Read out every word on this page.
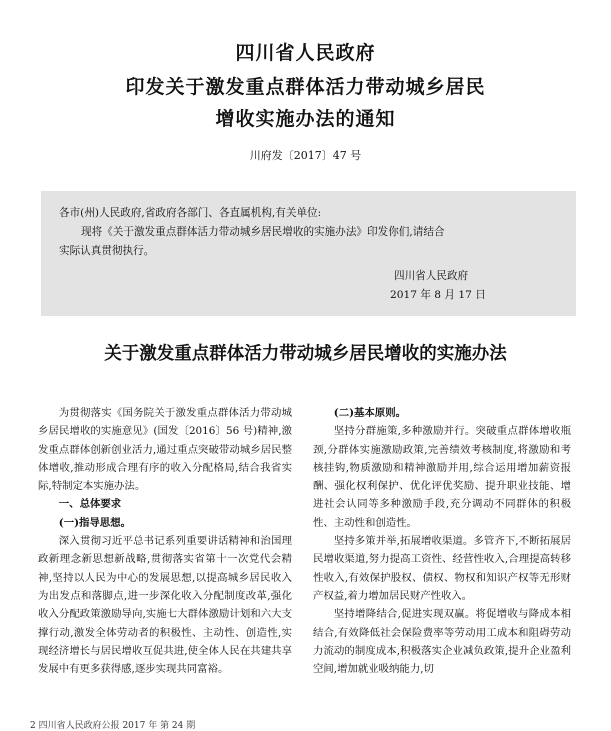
四川省人民政府
印发关于激发重点群体活力带动城乡居民
增收实施办法的通知
川府发〔2017〕47 号
各市(州)人民政府,省政府各部门、各直属机构,有关单位:
现将《关于激发重点群体活力带动城乡居民增收的实施办法》印发你们,请结合
实际认真贯彻执行。
四川省人民政府
2017 年 8 月 17 日
关于激发重点群体活力带动城乡居民增收的实施办法

为贯彻落实《国务院关于激发重点群体活力带动城乡居民增收的实施意见》(国发〔2016〕56 号)精神,激发重点群体创新创业活力,通过重点突破带动城乡居民整体增收,推动形成合理有序的收入分配格局,结合我省实际,特制定本实施办法。

一、总体要求

(一)指导思想。

深入贯彻习近平总书记系列重要讲话精神和治国理政新理念新思想新战略,贯彻落实省第十一次党代会精神,坚持以人民为中心的发展思想,以提高城乡居民收入为出发点和落脚点,进一步深化收入分配制度改革,强化收入分配政策激励导向,实施七大群体激励计划和六大支撑行动,激发全体劳动者的积极性、主动性、创造性,实现经济增长与居民增收互促共进,使全体人民在共建共享发展中有更多获得感,逐步实现共同富裕。

(二)基本原则。

坚持分群施策,多种激励并行。突破重点群体增收瓶颈,分群体实施激励政策,完善绩效考核制度,将激励和考核挂钩,物质激励和精神激励并用,综合运用增加薪资报酬、强化权利保护、优化评优奖励、提升职业技能、增进社会认同等多种激励手段,充分调动不同群体的积极性、主动性和创造性。

坚持多策并举,拓展增收渠道。多管齐下,不断拓展居民增收渠道,努力提高工资性、经营性收入,合理提高转移性收入,有效保护股权、债权、物权和知识产权等无形财产权益,着力增加居民财产性收入。

坚持增降结合,促进实现双赢。将促增收与降成本相结合,有效降低社会保险费率等劳动用工成本和阻碍劳动力流动的制度成本,积极落实企业减负政策,提升企业盈利空间,增加就业吸纳能力,切

2 四川省人民政府公报 2017 年 第 24 期
